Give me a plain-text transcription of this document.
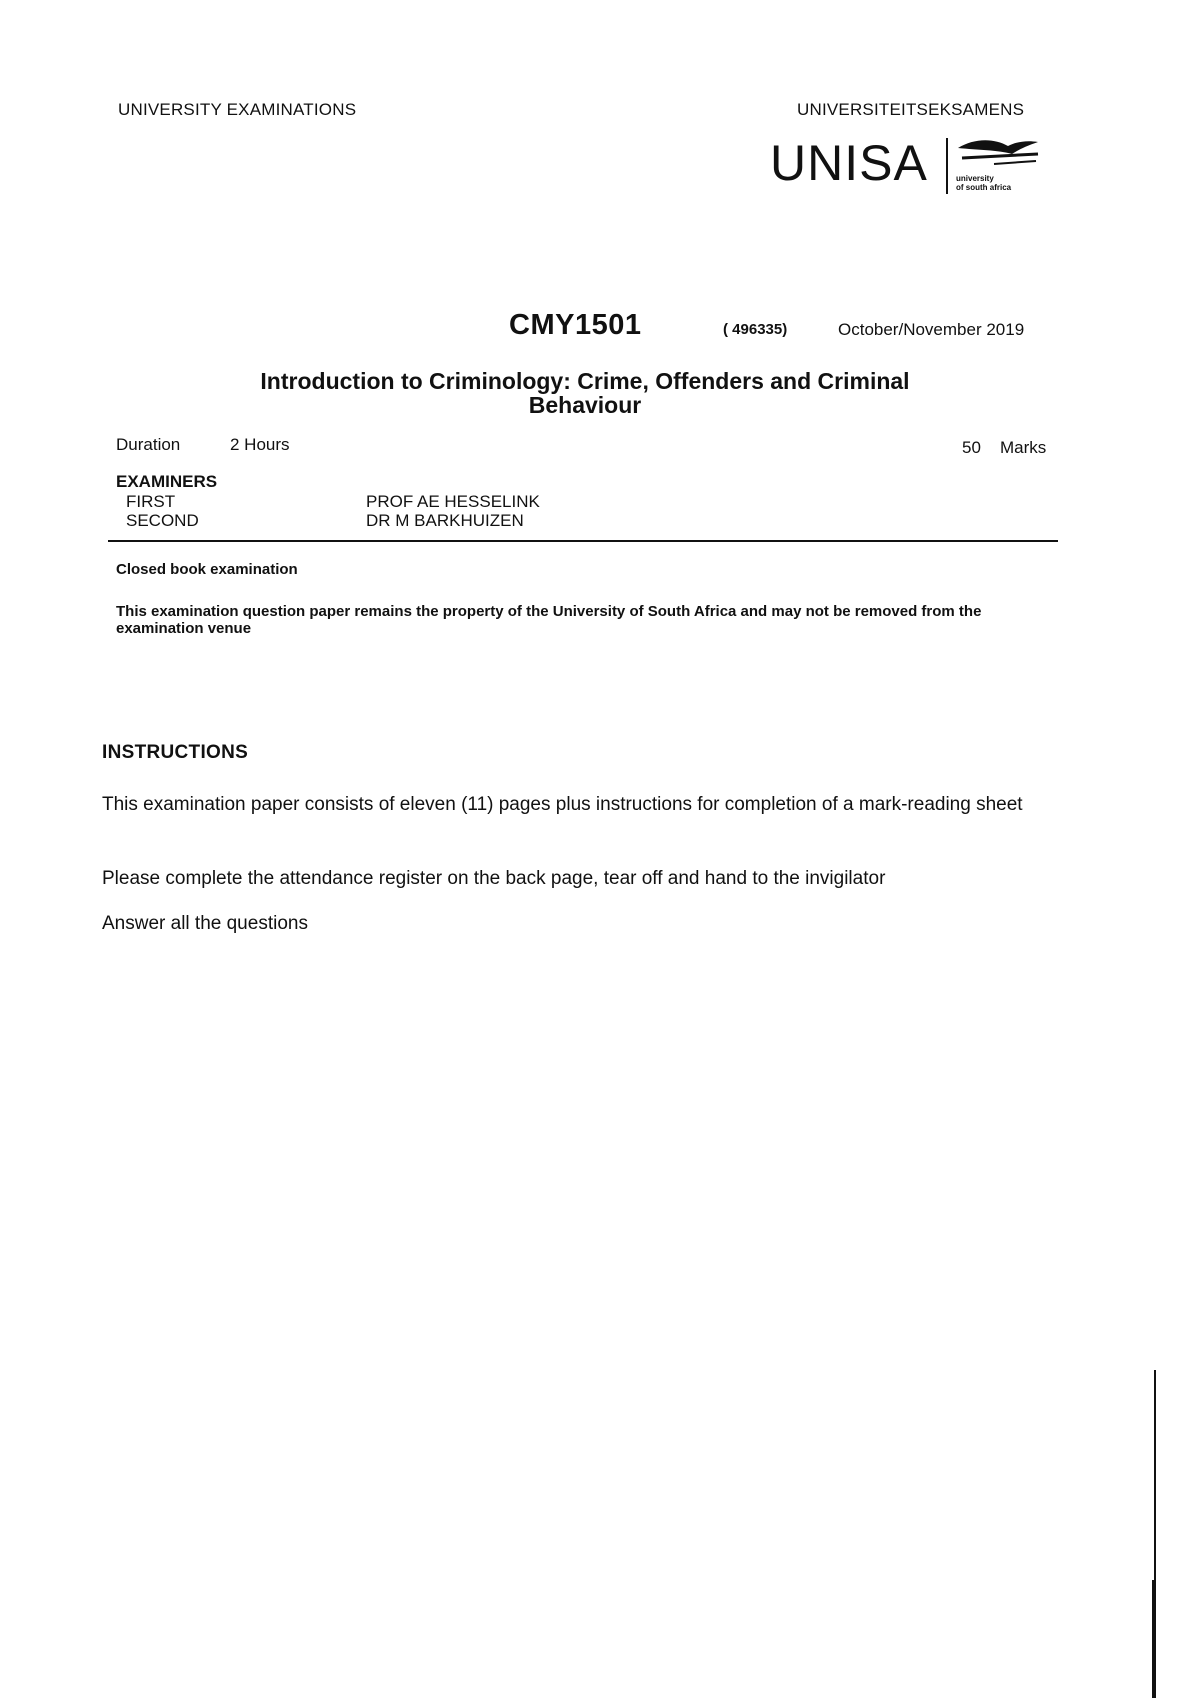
UNIVERSITY EXAMINATIONS	UNIVERSITEITSEKSAMENS
UNISA	university
of south africa
CMY1501	( 496335)	October/November 2019
Introduction to Criminology: Crime, Offenders and Criminal Behaviour
Duration	2 Hours	50 Marks
EXAMINERS
FIRST	PROF AE HESSELINK
SECOND	DR M BARKHUIZEN
Closed book examination
This examination question paper remains the property of the University of South Africa and may not be removed from the examination venue
INSTRUCTIONS
This examination paper consists of eleven (11) pages plus instructions for completion of a mark-reading sheet
Please complete the attendance register on the back page, tear off and hand to the invigilator
Answer all the questions
